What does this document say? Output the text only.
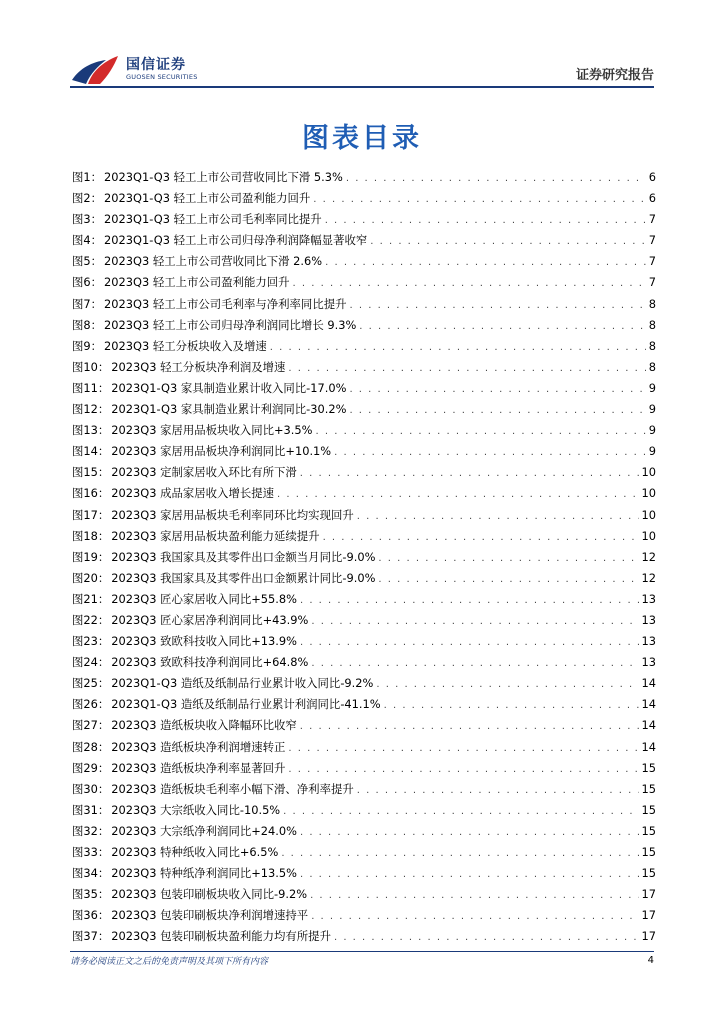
国信证券
GUOSEN SECURITIES	证券研究报告
图表目录
图1： 2023Q1-Q3 轻工上市公司营收同比下滑 5.3% . . .	6
图2： 2023Q1-Q3 轻工上市公司盈利能力回升 . . .	6
图3： 2023Q1-Q3 轻工上市公司毛利率同比提升 . . .	7
图4： 2023Q1-Q3 轻工上市公司归母净利润降幅显著收窄 . . .	7
图5： 2023Q3 轻工上市公司营收同比下滑 2.6% . . .	7
图6： 2023Q3 轻工上市公司盈利能力回升 . . .	7
图7： 2023Q3 轻工上市公司毛利率与净利率同比提升 . . .	8
图8： 2023Q3 轻工上市公司归母净利润同比增长 9.3% . . .	8
图9： 2023Q3 轻工分板块收入及增速 . . .	8
图10： 2023Q3 轻工分板块净利润及增速 . . .	8
图11： 2023Q1-Q3 家具制造业累计收入同比-17.0% . . .	9
图12： 2023Q1-Q3 家具制造业累计利润同比-30.2% . . .	9
图13： 2023Q3 家居用品板块收入同比+3.5% . . .	9
图14： 2023Q3 家居用品板块净利润同比+10.1% . . .	9
图15： 2023Q3 定制家居收入环比有所下滑 . . .	10
图16： 2023Q3 成品家居收入增长提速 . . .	10
图17： 2023Q3 家居用品板块毛利率同环比均实现回升 . . .	10
图18： 2023Q3 家居用品板块盈利能力延续提升 . . .	10
图19： 2023Q3 我国家具及其零件出口金额当月同比-9.0% . . .	12
图20： 2023Q3 我国家具及其零件出口金额累计同比-9.0% . . .	12
图21： 2023Q3 匠心家居收入同比+55.8% . . .	13
图22： 2023Q3 匠心家居净利润同比+43.9% . . .	13
图23： 2023Q3 致欧科技收入同比+13.9% . . .	13
图24： 2023Q3 致欧科技净利润同比+64.8% . . .	13
图25： 2023Q1-Q3 造纸及纸制品行业累计收入同比-9.2% . . .	14
图26： 2023Q1-Q3 造纸及纸制品行业累计利润同比-41.1% . . .	14
图27： 2023Q3 造纸板块收入降幅环比收窄 . . .	14
图28： 2023Q3 造纸板块净利润增速转正 . . .	14
图29： 2023Q3 造纸板块净利率显著回升 . . .	15
图30： 2023Q3 造纸板块毛利率小幅下滑、净利率提升 . . .	15
图31： 2023Q3 大宗纸收入同比-10.5% . . .	15
图32： 2023Q3 大宗纸净利润同比+24.0% . . .	15
图33： 2023Q3 特种纸收入同比+6.5% . . .	15
图34： 2023Q3 特种纸净利润同比+13.5% . . .	15
图35： 2023Q3 包装印刷板块收入同比-9.2% . . .	17
图36： 2023Q3 包装印刷板块净利润增速持平 . . .	17
图37： 2023Q3 包装印刷板块盈利能力均有所提升 . . .	17
请务必阅读正文之后的免责声明及其项下所有内容	4
